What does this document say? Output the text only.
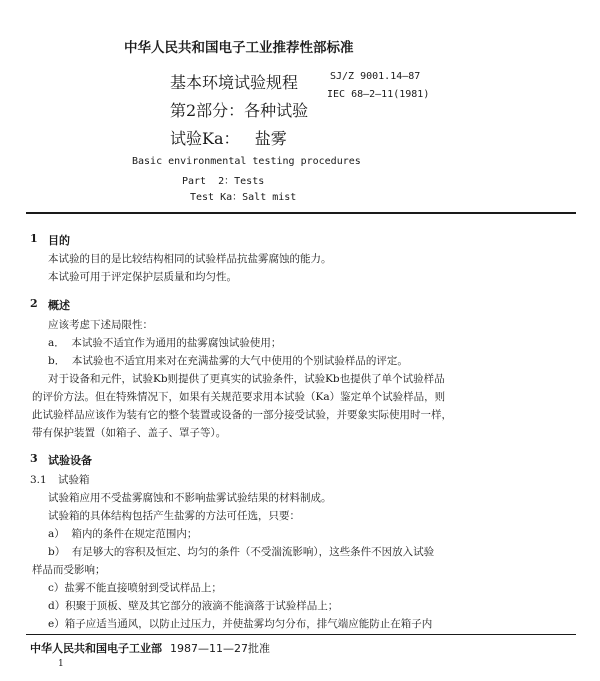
中华人民共和国电子工业推荐性部标准
基本环境试验规程
第2部分：各种试验
试验Ka：   盐雾
SJ/Z 9001.14—87
IEC 68—2—11(1981)
Basic environmental testing procedures
Part  2：Tests
Test Ka：Salt mist
1 目的
本试验的目的是比较结构相同的试验样品抗盐雾腐蚀的能力。
本试验可用于评定保护层质量和均匀性。
2 概述
应该考虑下述局限性：
a．  本试验不适宜作为通用的盐雾腐蚀试验使用；
b．  本试验也不适宜用来对在充满盐雾的大气中使用的个别试验样品的评定。
对于设备和元件，试验Kb则提供了更真实的试验条件，试验Kb也提供了单个试验样品
的评价方法。但在特殊情况下，如果有关规范要求用本试验（Ka）鉴定单个试验样品，则
此试验样品应该作为装有它的整个装置或设备的一部分接受试验，并要象实际使用时一样，
带有保护装置（如箱子、盖子、罩子等）。
3 试验设备
3.1 试验箱
试验箱应用不受盐雾腐蚀和不影响盐雾试验结果的材料制成。
试验箱的具体结构包括产生盐雾的方法可任选，只要：
a）  箱内的条件在规定范围内；
b）  有足够大的容积及恒定、均匀的条件（不受湍流影响），这些条件不因放入试验
样品而受影响；
c）盐雾不能直接喷射到受试样品上；
d）积聚于顶板、壁及其它部分的液滴不能滴落于试验样品上；
e）箱子应适当通风，以防止过压力，并使盐雾均匀分布，排气端应能防止在箱子内
中华人民共和国电子工业部 1987—11—27批准
1
